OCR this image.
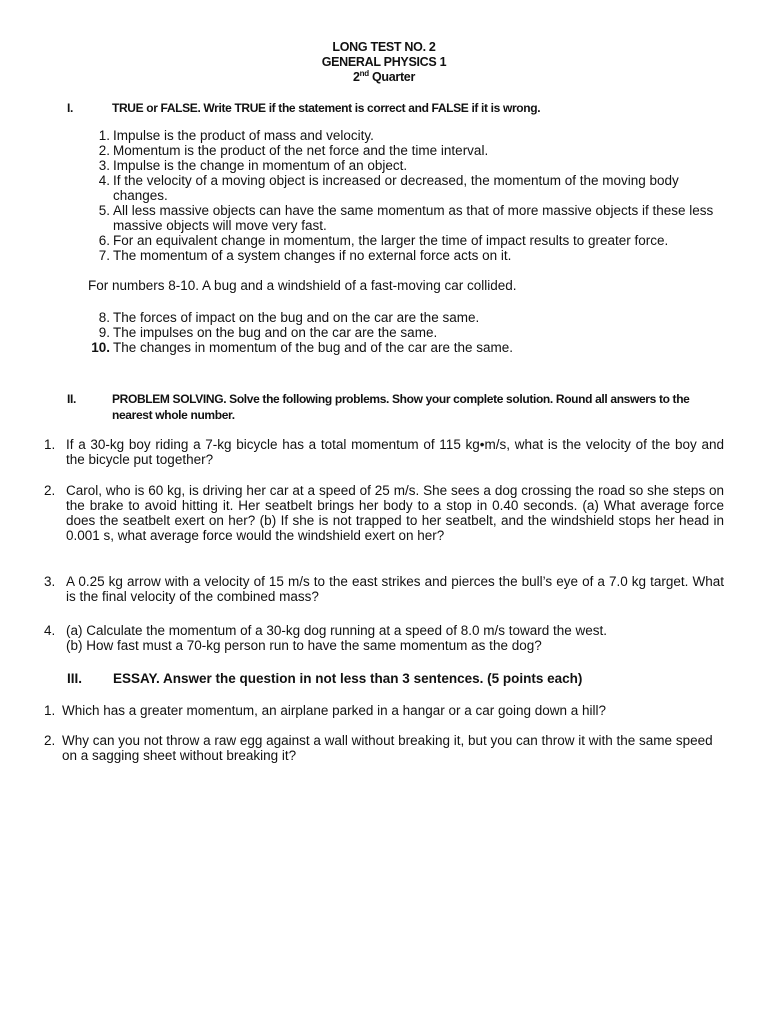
LONG TEST NO. 2
GENERAL PHYSICS 1
2nd Quarter
I.	TRUE or FALSE. Write TRUE if the statement is correct and FALSE if it is wrong.
1. Impulse is the product of mass and velocity.
2. Momentum is the product of the net force and the time interval.
3. Impulse is the change in momentum of an object.
4. If the velocity of a moving object is increased or decreased, the momentum of the moving body changes.
5. All less massive objects can have the same momentum as that of more massive objects if these less massive objects will move very fast.
6. For an equivalent change in momentum, the larger the time of impact results to greater force.
7. The momentum of a system changes if no external force acts on it.
For numbers 8-10. A bug and a windshield of a fast-moving car collided.
8. The forces of impact on the bug and on the car are the same.
9. The impulses on the bug and on the car are the same.
10. The changes in momentum of the bug and of the car are the same.
II.	PROBLEM SOLVING. Solve the following problems. Show your complete solution. Round all answers to the nearest whole number.
1. If a 30-kg boy riding a 7-kg bicycle has a total momentum of 115 kg•m/s, what is the velocity of the boy and the bicycle put together?
2. Carol, who is 60 kg, is driving her car at a speed of 25 m/s. She sees a dog crossing the road so she steps on the brake to avoid hitting it. Her seatbelt brings her body to a stop in 0.40 seconds. (a) What average force does the seatbelt exert on her? (b) If she is not trapped to her seatbelt, and the windshield stops her head in 0.001 s, what average force would the windshield exert on her?
3. A 0.25 kg arrow with a velocity of 15 m/s to the east strikes and pierces the bull’s eye of a 7.0 kg target. What is the final velocity of the combined mass?
4. (a) Calculate the momentum of a 30-kg dog running at a speed of 8.0 m/s toward the west.
(b) How fast must a 70-kg person run to have the same momentum as the dog?
III. ESSAY. Answer the question in not less than 3 sentences. (5 points each)
1. Which has a greater momentum, an airplane parked in a hangar or a car going down a hill?
2. Why can you not throw a raw egg against a wall without breaking it, but you can throw it with the same speed on a sagging sheet without breaking it?
